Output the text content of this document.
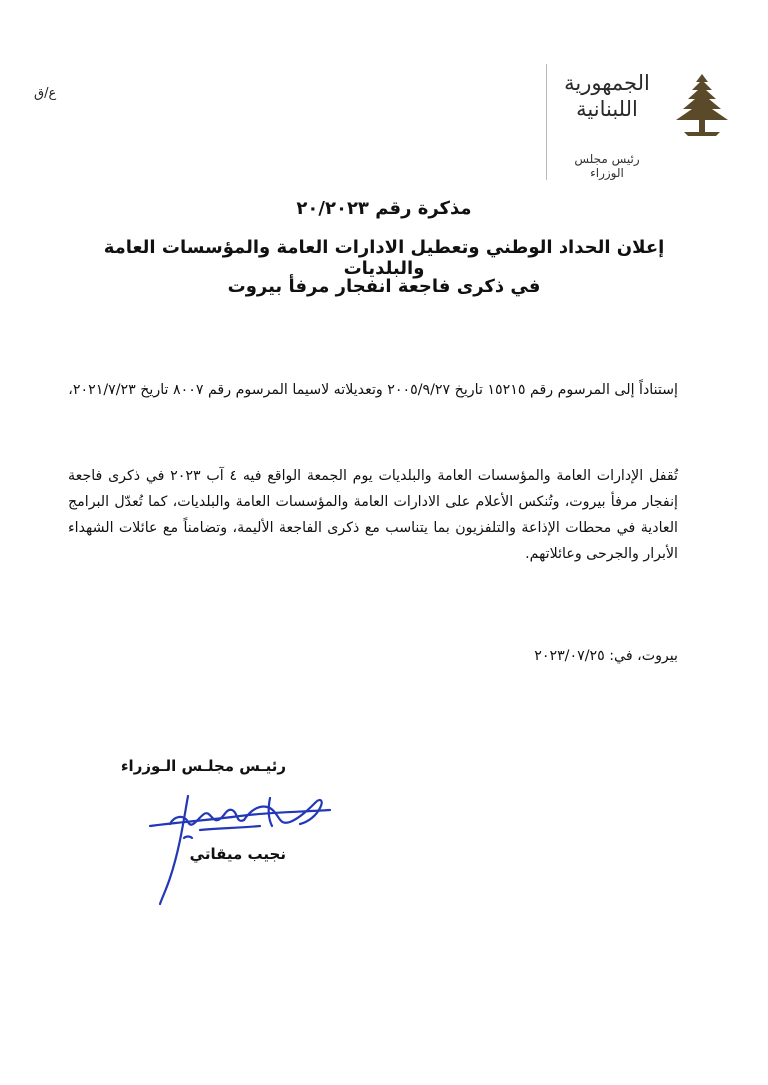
ع/ق	الجمهورية اللبنانية
رئيس مجلس الوزراء
مذكرة رقم ٢٠/٢٠٢٣
إعلان الحداد الوطني وتعطيل الادارات العامة والمؤسسات العامة والبلديات
في ذكرى فاجعة انفجار مرفأ بيروت
إستناداً إلى المرسوم رقم ١٥٢١٥ تاريخ ٢٠٠٥/٩/٢٧ وتعديلاته لاسيما المرسوم رقم ٨٠٠٧ تاريخ ٢٠٢١/٧/٢٣،
تُقفل الإدارات العامة والمؤسسات العامة والبلديات يوم الجمعة الواقع فيه ٤ آب ٢٠٢٣ في ذكرى فاجعة إنفجار مرفأ بيروت، وتُنكس الأعلام على الادارات العامة والمؤسسات العامة والبلديات، كما تُعدّل البرامج العادية في محطات الإذاعة والتلفزيون بما يتناسب مع ذكرى الفاجعة الأليمة، وتضامناً مع عائلات الشهداء الأبرار والجرحى وعائلاتهم.
بيروت، في: ٢٠٢٣/٠٧/٢٥
رئيـس مجلـس الـوزراء
نجيب ميقاتي
